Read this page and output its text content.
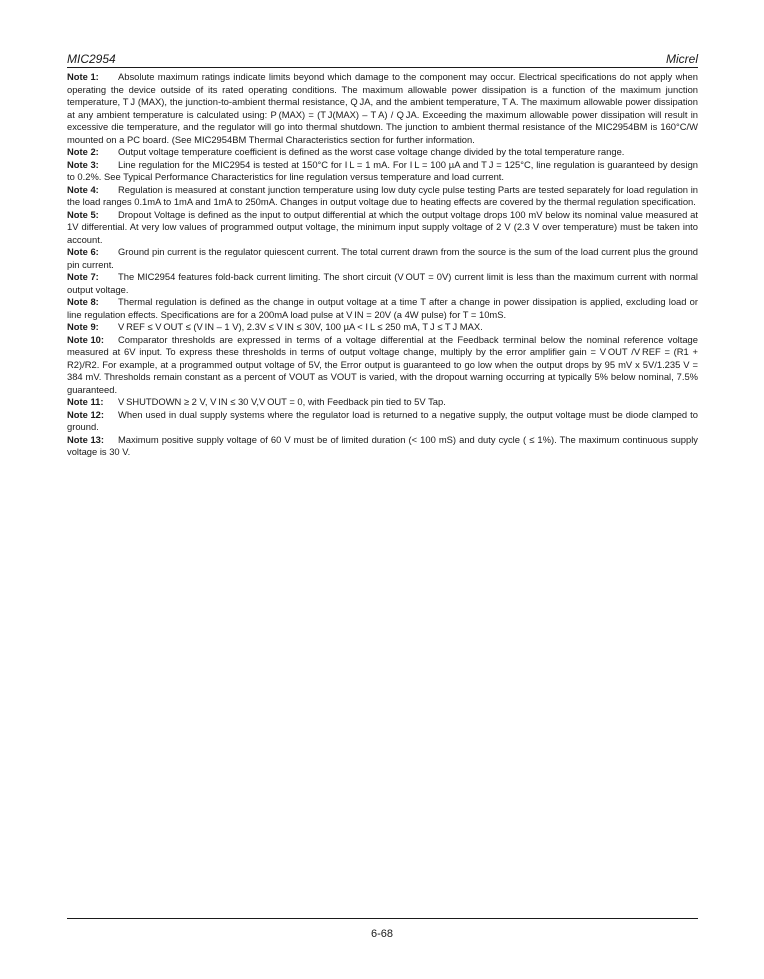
MIC2954	Micrel

Note 1: Absolute maximum ratings indicate limits beyond which damage to the component may occur. Electrical specifications do not apply when operating the device outside of its rated operating conditions. The maximum allowable power dissipation is a function of the maximum junction temperature, T J (MAX), the junction-to-ambient thermal resistance, Q JA, and the ambient temperature, T A. The maximum allowable power dissipation at any ambient temperature is calculated using: P (MAX) = (T J(MAX) – T A) / Q JA. Exceeding the maximum allowable power dissipation will result in excessive die temperature, and the regulator will go into thermal shutdown. The junction to ambient thermal resistance of the MIC2954BM is 160°C/W mounted on a PC board. (See MIC2954BM Thermal Characteristics section for further information.

Note 2: Output voltage temperature coefficient is defined as the worst case voltage change divided by the total temperature range.

Note 3: Line regulation for the MIC2954 is tested at 150°C for I L = 1 mA. For I L = 100 µA and T J = 125°C, line regulation is guaranteed by design to 0.2%. See Typical Performance Characteristics for line regulation versus temperature and load current.

Note 4: Regulation is measured at constant junction temperature using low duty cycle pulse testing Parts are tested separately for load regulation in the load ranges 0.1mA to 1mA and 1mA to 250mA. Changes in output voltage due to heating effects are covered by the thermal regulation specification.

Note 5: Dropout Voltage is defined as the input to output differential at which the output voltage drops 100 mV below its nominal value measured at 1V differential. At very low values of programmed output voltage, the minimum input supply voltage of 2 V (2.3 V over temperature) must be taken into account.

Note 6: Ground pin current is the regulator quiescent current. The total current drawn from the source is the sum of the load current plus the ground pin current.

Note 7: The MIC2954 features fold-back current limiting. The short circuit (V OUT = 0V) current limit is less than the maximum current with normal output voltage.

Note 8: Thermal regulation is defined as the change in output voltage at a time T after a change in power dissipation is applied, excluding load or line regulation effects. Specifications are for a 200mA load pulse at V IN = 20V (a 4W pulse) for T = 10mS.

Note 9: V REF ≤ V OUT ≤ (V IN – 1 V), 2.3V ≤ V IN ≤ 30V, 100 µA < I L ≤ 250 mA, T J ≤ T J MAX.

Note 10: Comparator thresholds are expressed in terms of a voltage differential at the Feedback terminal below the nominal reference voltage measured at 6V input. To express these thresholds in terms of output voltage change, multiply by the error amplifier gain = V OUT /V REF = (R1 + R2)/R2. For example, at a programmed output voltage of 5V, the Error output is guaranteed to go low when the output drops by 95 mV x 5V/1.235 V = 384 mV. Thresholds remain constant as a percent of VOUT as VOUT is varied, with the dropout warning occurring at typically 5% below nominal, 7.5% guaranteed.

Note 11: V SHUTDOWN ≥ 2 V, V IN ≤ 30 V,V OUT = 0, with Feedback pin tied to 5V Tap.

Note 12: When used in dual supply systems where the regulator load is returned to a negative supply, the output voltage must be diode clamped to ground.

Note 13: Maximum positive supply voltage of 60 V must be of limited duration (< 100 mS) and duty cycle ( ≤ 1%). The maximum continuous supply voltage is 30 V.

6-68
